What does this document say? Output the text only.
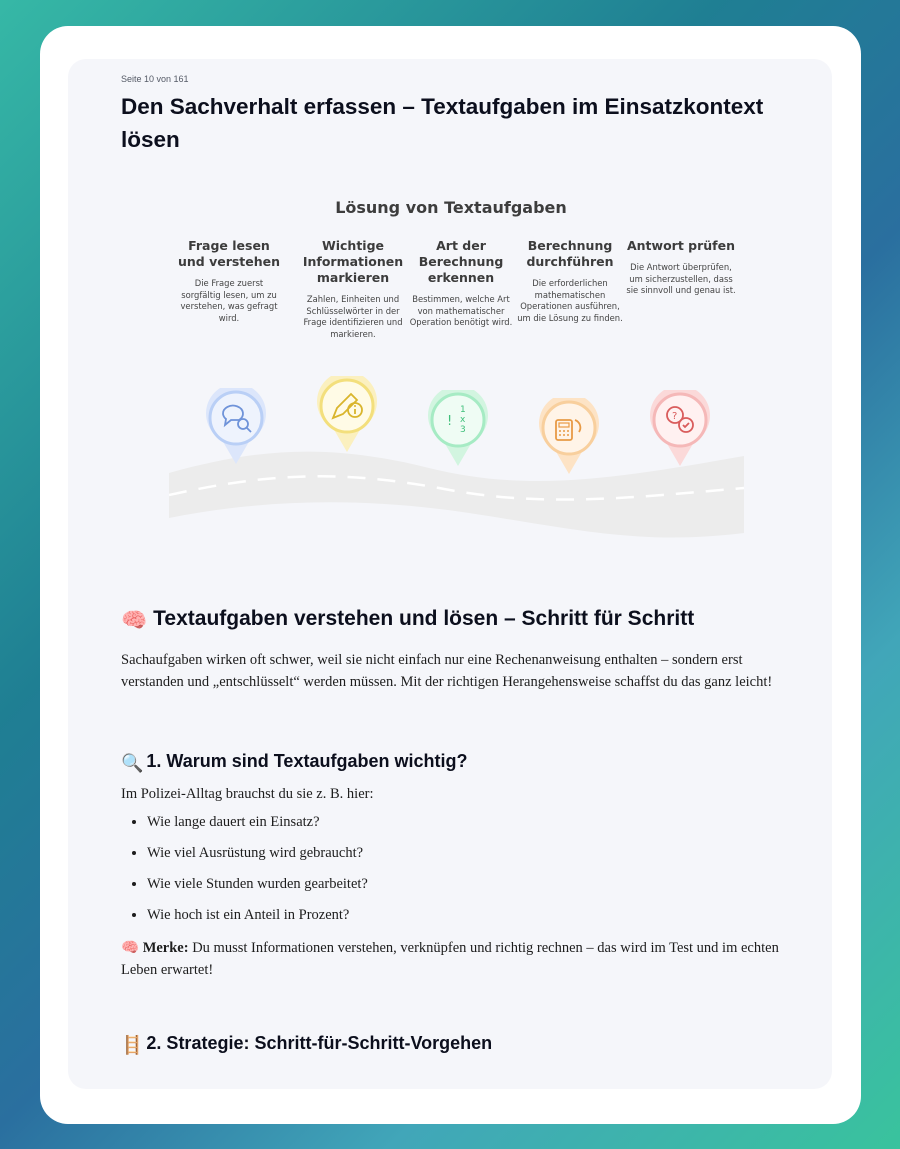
Seite 10 von 161

Den Sachverhalt erfassen – Textaufgaben im Einsatzkontext lösen
Lösung von Textaufgaben
Frage lesen und verstehen
Die Frage zuerst sorgfältig lesen, um zu verstehen, was gefragt wird.
Wichtige Informationen markieren
Zahlen, Einheiten und Schlüsselwörter in der Frage identifizieren und markieren.
Art der Berechnung erkennen
Bestimmen, welche Art von mathematischer Operation benötigt wird.
Berechnung durchführen
Die erforderlichen mathematischen Operationen ausführen, um die Lösung zu finden.
Antwort prüfen
Die Antwort überprüfen, um sicherzustellen, dass sie sinnvoll und genau ist.
!
1
x
3
?
🧠 Textaufgaben verstehen und lösen – Schritt für Schritt

Sachaufgaben wirken oft schwer, weil sie nicht einfach nur eine Rechenanweisung enthalten – sondern erst verstanden und „entschlüsselt“ werden müssen. Mit der richtigen Herangehensweise schaffst du das ganz leicht!

🔍 1. Warum sind Textaufgaben wichtig?

Im Polizei-Alltag brauchst du sie z. B. hier:

• Wie lange dauert ein Einsatz?
• Wie viel Ausrüstung wird gebraucht?
• Wie viele Stunden wurden gearbeitet?
• Wie hoch ist ein Anteil in Prozent?

🧠 Merke: Du musst Informationen verstehen, verknüpfen und richtig rechnen – das wird im Test und im echten Leben erwartet!

🪜 2. Strategie: Schritt-für-Schritt-Vorgehen
